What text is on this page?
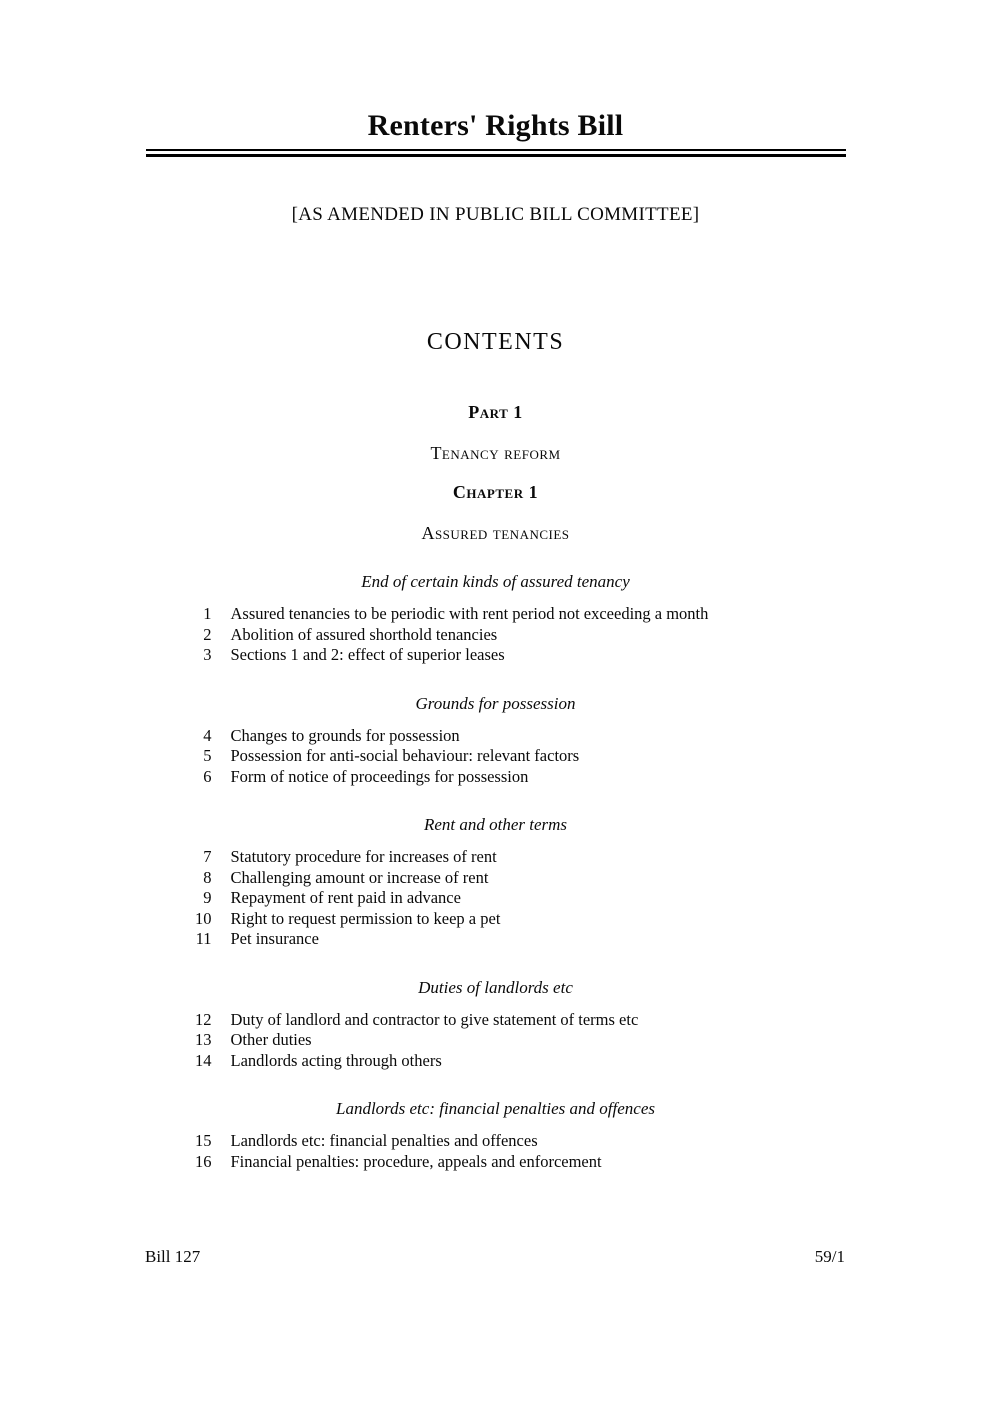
Renters' Rights Bill
[AS AMENDED IN PUBLIC BILL COMMITTEE]
CONTENTS
Part 1
Tenancy reform
Chapter 1
Assured tenancies
End of certain kinds of assured tenancy
1 Assured tenancies to be periodic with rent period not exceeding a month
2 Abolition of assured shorthold tenancies
3 Sections 1 and 2: effect of superior leases
Grounds for possession
4 Changes to grounds for possession
5 Possession for anti-social behaviour: relevant factors
6 Form of notice of proceedings for possession
Rent and other terms
7 Statutory procedure for increases of rent
8 Challenging amount or increase of rent
9 Repayment of rent paid in advance
10 Right to request permission to keep a pet
11 Pet insurance
Duties of landlords etc
12 Duty of landlord and contractor to give statement of terms etc
13 Other duties
14 Landlords acting through others
Landlords etc: financial penalties and offences
15 Landlords etc: financial penalties and offences
16 Financial penalties: procedure, appeals and enforcement
Bill 127	59/1
